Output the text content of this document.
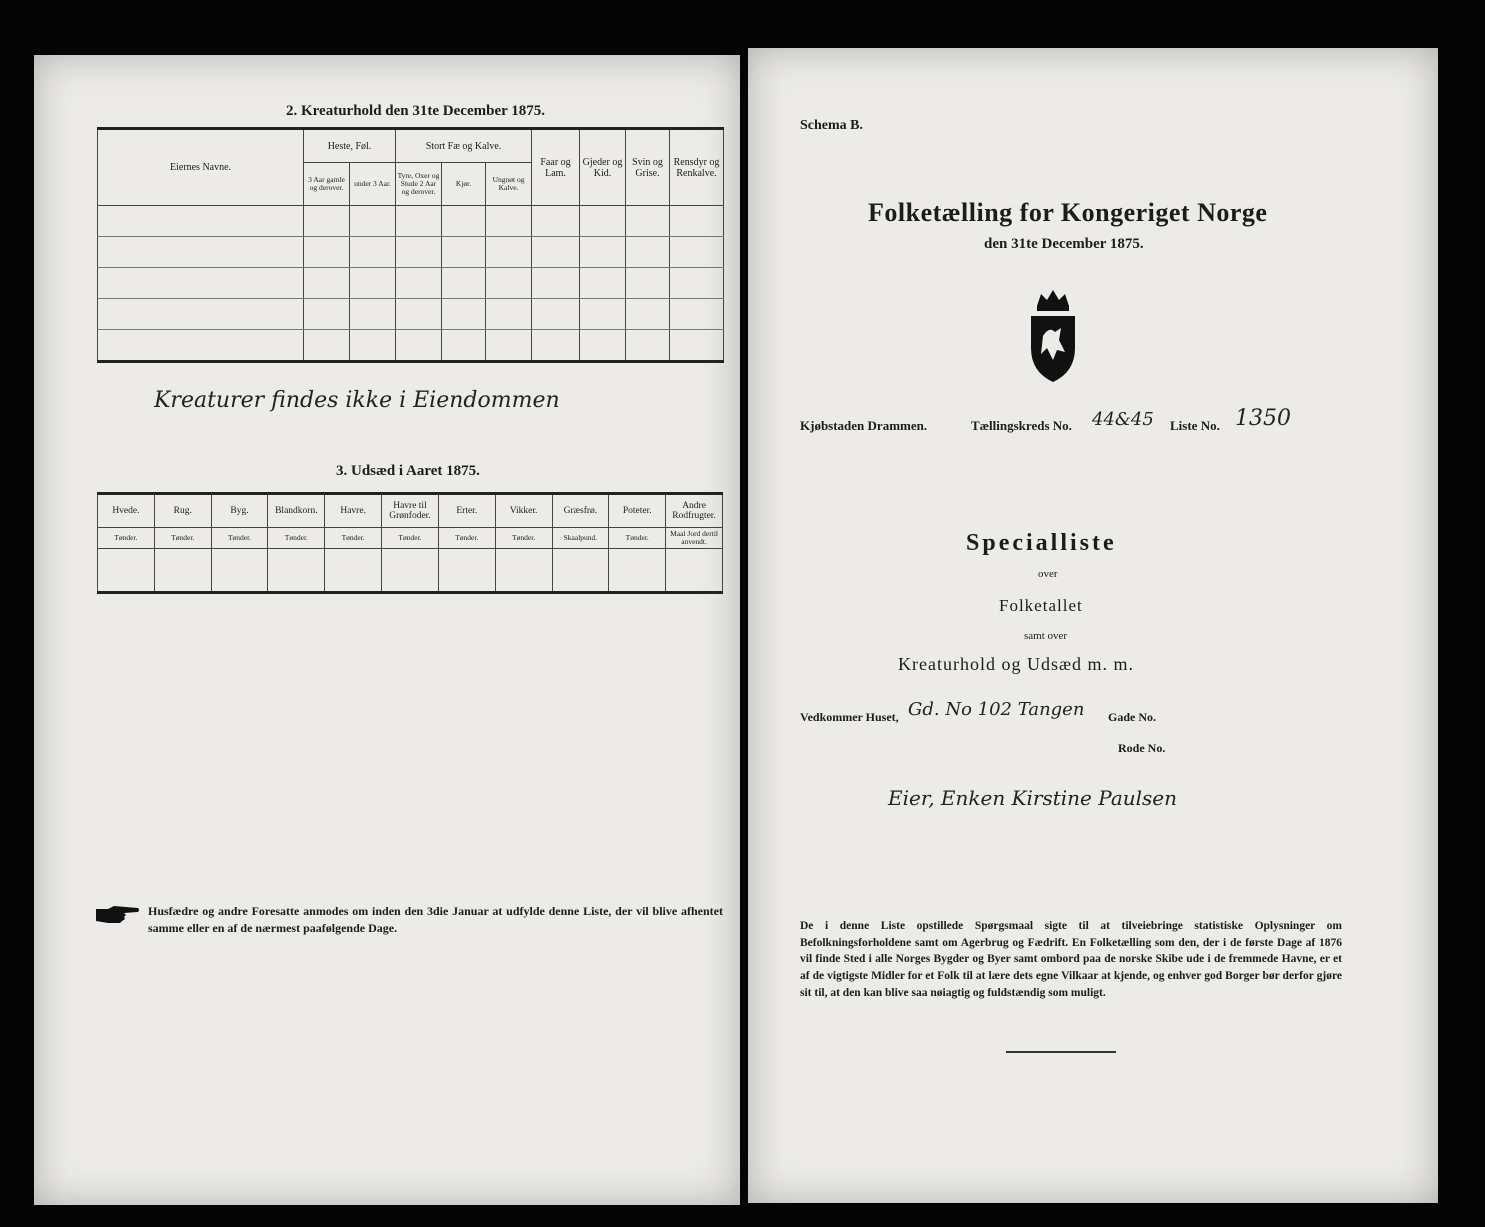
2. Kreaturhold den 31te December 1875.
Eiernes Navne.	Heste, Føl.		Stort Fæ og Kalve.			Faar og Lam.	Gjeder og Kid.	Svin og Grise.	Rensdyr og Renkalve.
	3 Aar gamle og derover.	under 3 Aar.	Tyre, Oxer og Stude 2 Aar og derover.	Kjør.	Ungnøt og Kalve.				

Kreaturer findes ikke i Eiendommen
3. Udsæd i Aaret 1875.
Hvede.	Rug.	Byg.	Blandkorn.	Havre.	Havre til Grønfoder.	Erter.	Vikker.	Græsfrø.	Poteter.	Andre Rodfrugter.
Tønder.	Tønder.	Tønder.	Tønder.	Tønder.	Tønder.	Tønder.	Tønder.	Skaalpund.	Tønder.	Maal Jord dertil anvendt.

Husfædre og andre Foresatte anmodes om inden den 3die Januar at udfylde denne Liste, der vil blive afhentet samme eller en af de nærmest paafølgende Dage.
Schema B.
Folketælling for Kongeriget Norge
den 31te December 1875.
Kjøbstaden Drammen.	Tællingskreds No. 44&45 Liste No. 1350
Specialliste
over
Folketallet
samt over
Kreaturhold og Udsæd m. m.
Vedkommer Huset, Gd. No 102 Tangen Gade No.
Rode No.
Eier, Enken Kirstine Paulsen
De i denne Liste opstillede Spørgsmaal sigte til at tilveiebringe statistiske Oplysninger om Befolkningsforholdene samt om Agerbrug og Fædrift. En Folketælling som den, der i de første Dage af 1876 vil finde Sted i alle Norges Bygder og Byer samt ombord paa de norske Skibe ude i de fremmede Havne, er et af de vigtigste Midler for et Folk til at lære dets egne Vilkaar at kjende, og enhver god Borger bør derfor gjøre sit til, at den kan blive saa nøiagtig og fuldstændig som muligt.
